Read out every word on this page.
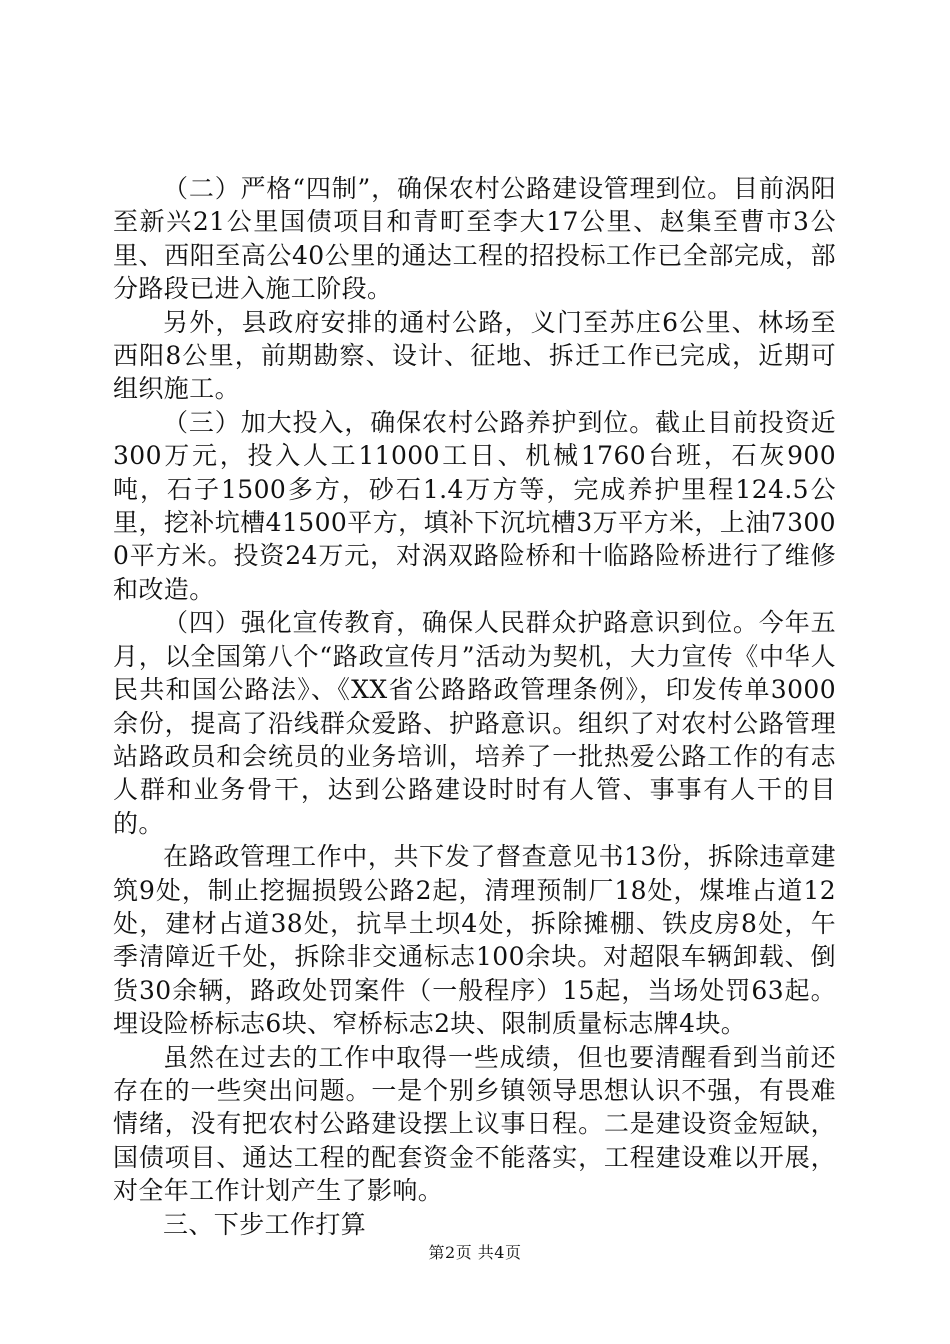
（二）严格“四制”，确保农村公路建设管理到位。目前涡阳至新兴21公里国债项目和青町至李大17公里、赵集至曹市3公里、西阳至高公40公里的通达工程的招投标工作已全部完成，部分路段已进入施工阶段。

另外，县政府安排的通村公路，义门至苏庄6公里、林场至西阳8公里，前期勘察、设计、征地、拆迁工作已完成，近期可组织施工。

（三）加大投入，确保农村公路养护到位。截止目前投资近300万元，投入人工11000工日、机械1760台班，石灰900吨，石子1500多方，砂石1.4万方等，完成养护里程124.5公里，挖补坑槽41500平方，填补下沉坑槽3万平方米，上油73000平方米。投资24万元，对涡双路险桥和十临路险桥进行了维修和改造。

（四）强化宣传教育，确保人民群众护路意识到位。今年五月，以全国第八个“路政宣传月”活动为契机，大力宣传《中华人民共和国公路法》、《XX省公路路政管理条例》，印发传单3000余份，提高了沿线群众爱路、护路意识。组织了对农村公路管理站路政员和会统员的业务培训，培养了一批热爱公路工作的有志人群和业务骨干，达到公路建设时时有人管、事事有人干的目的。

在路政管理工作中，共下发了督查意见书13份，拆除违章建筑9处，制止挖掘损毁公路2起，清理预制厂18处，煤堆占道12处，建材占道38处，抗旱土坝4处，拆除摊棚、铁皮房8处，午季清障近千处，拆除非交通标志100余块。对超限车辆卸载、倒货30余辆，路政处罚案件（一般程序）15起，当场处罚63起。埋设险桥标志6块、窄桥标志2块、限制质量标志牌4块。

虽然在过去的工作中取得一些成绩，但也要清醒看到当前还存在的一些突出问题。一是个别乡镇领导思想认识不强，有畏难情绪，没有把农村公路建设摆上议事日程。二是建设资金短缺，国债项目、通达工程的配套资金不能落实，工程建设难以开展，对全年工作计划产生了影响。

三、下步工作打算

第2页 共4页
